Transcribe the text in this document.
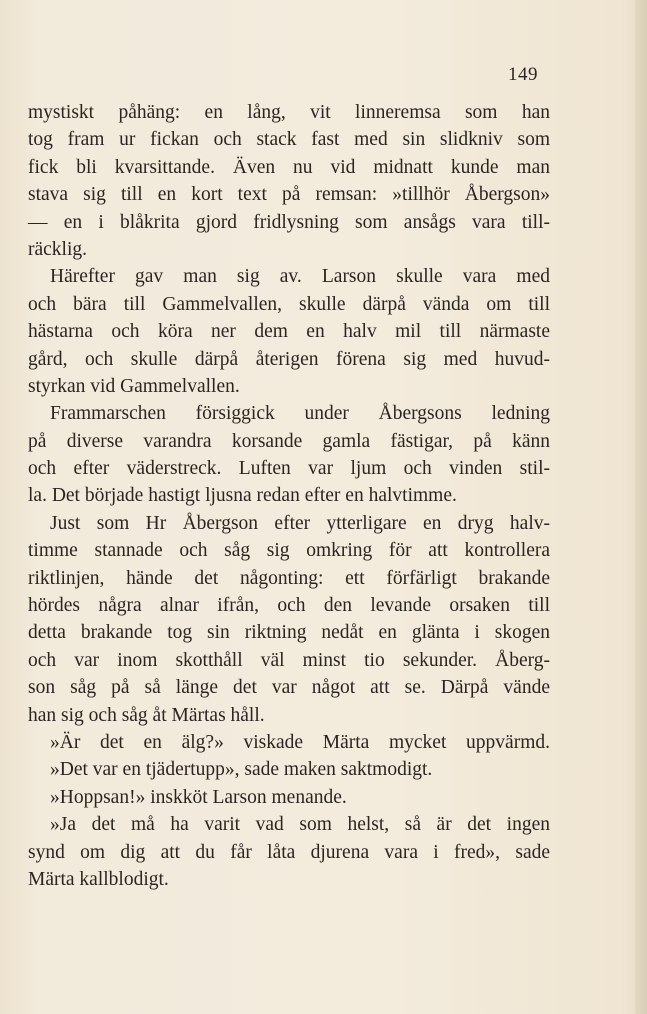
149
mystiskt påhäng: en lång, vit linneremsa som han
tog fram ur fickan och stack fast med sin slidkniv som
fick bli kvarsittande. Även nu vid midnatt kunde man
stava sig till en kort text på remsan: »tillhör Åbergson»
— en i blåkrita gjord fridlysning som ansågs vara till-
räcklig.
Härefter gav man sig av. Larson skulle vara med
och bära till Gammelvallen, skulle därpå vända om till
hästarna och köra ner dem en halv mil till närmaste
gård, och skulle därpå återigen förena sig med huvud-
styrkan vid Gammelvallen.
Frammarschen försiggick under Åbergsons ledning
på diverse varandra korsande gamla fästigar, på känn
och efter väderstreck. Luften var ljum och vinden stil-
la. Det började hastigt ljusna redan efter en halvtimme.
Just som Hr Åbergson efter ytterligare en dryg halv-
timme stannade och såg sig omkring för att kontrollera
riktlinjen, hände det någonting: ett förfärligt brakande
hördes några alnar ifrån, och den levande orsaken till
detta brakande tog sin riktning nedåt en glänta i skogen
och var inom skotthåll väl minst tio sekunder. Åberg-
son såg på så länge det var något att se. Därpå vände
han sig och såg åt Märtas håll.
»Är det en älg?» viskade Märta mycket uppvärmd.
»Det var en tjädertupp», sade maken saktmodigt.
»Hoppsan!» inskköt Larson menande.
»Ja det må ha varit vad som helst, så är det ingen
synd om dig att du får låta djurena vara i fred», sade
Märta kallblodigt.
